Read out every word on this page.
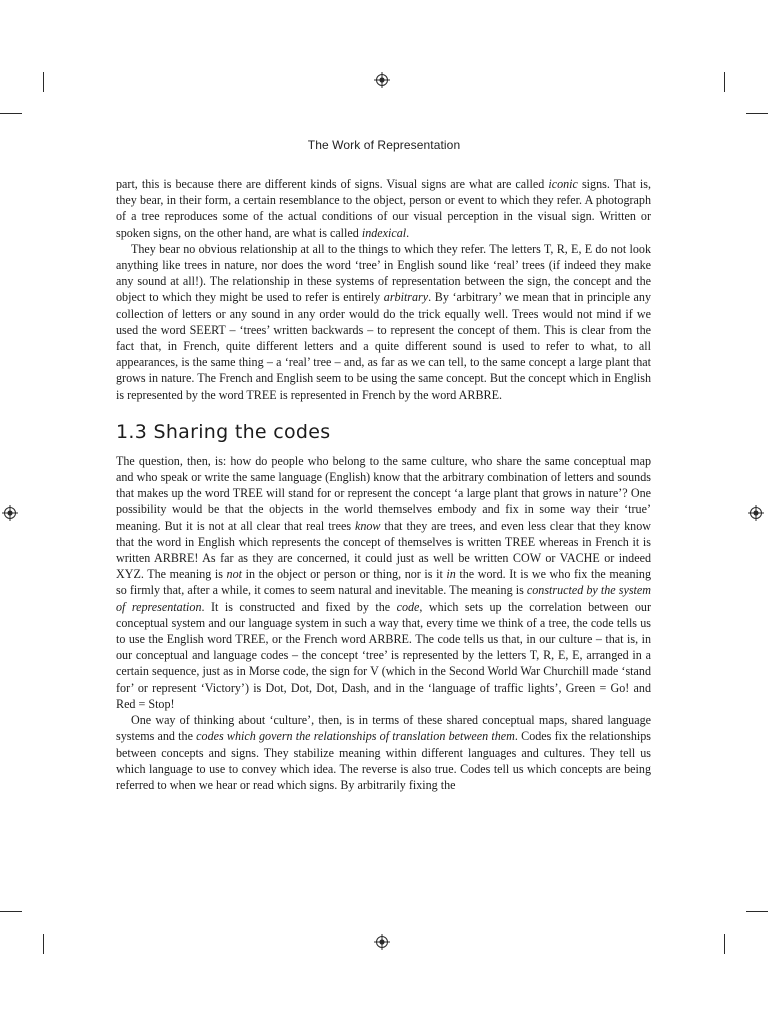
The Work of Representation

part, this is because there are different kinds of signs. Visual signs are what are called iconic signs. That is, they bear, in their form, a certain resemblance to the object, person or event to which they refer. A photograph of a tree reproduces some of the actual conditions of our visual perception in the visual sign. Written or spoken signs, on the other hand, are what is called indexical.

They bear no obvious relationship at all to the things to which they refer. The letters T, R, E, E do not look anything like trees in nature, nor does the word ‘tree’ in English sound like ‘real’ trees (if indeed they make any sound at all!). The relationship in these systems of representation between the sign, the concept and the object to which they might be used to refer is entirely arbitrary. By ‘arbitrary’ we mean that in principle any collection of letters or any sound in any order would do the trick equally well. Trees would not mind if we used the word SEERT – ‘trees’ written backwards – to represent the concept of them. This is clear from the fact that, in French, quite different letters and a quite different sound is used to refer to what, to all appearances, is the same thing – a ‘real’ tree – and, as far as we can tell, to the same concept a large plant that grows in nature. The French and English seem to be using the same concept. But the concept which in English is represented by the word TREE is represented in French by the word ARBRE.

1.3 Sharing the codes

The question, then, is: how do people who belong to the same culture, who share the same conceptual map and who speak or write the same language (English) know that the arbitrary combination of letters and sounds that makes up the word TREE will stand for or represent the concept ‘a large plant that grows in nature’? One possibility would be that the objects in the world themselves embody and fix in some way their ‘true’ meaning. But it is not at all clear that real trees know that they are trees, and even less clear that they know that the word in English which represents the concept of themselves is written TREE whereas in French it is written ARBRE! As far as they are concerned, it could just as well be written COW or VACHE or indeed XYZ. The meaning is not in the object or person or thing, nor is it in the word. It is we who fix the meaning so firmly that, after a while, it comes to seem natural and inevitable. The meaning is constructed by the system of representation. It is constructed and fixed by the code, which sets up the correlation between our conceptual system and our language system in such a way that, every time we think of a tree, the code tells us to use the English word TREE, or the French word ARBRE. The code tells us that, in our culture – that is, in our conceptual and language codes – the concept ‘tree’ is represented by the letters T, R, E, E, arranged in a certain sequence, just as in Morse code, the sign for V (which in the Second World War Churchill made ‘stand for’ or represent ‘Victory’) is Dot, Dot, Dot, Dash, and in the ‘language of traffic lights’, Green = Go! and Red = Stop!

One way of thinking about ‘culture’, then, is in terms of these shared conceptual maps, shared language systems and the codes which govern the relationships of translation between them. Codes fix the relationships between concepts and signs. They stabilize meaning within different languages and cultures. They tell us which language to use to convey which idea. The reverse is also true. Codes tell us which concepts are being referred to when we hear or read which signs. By arbitrarily fixing the
